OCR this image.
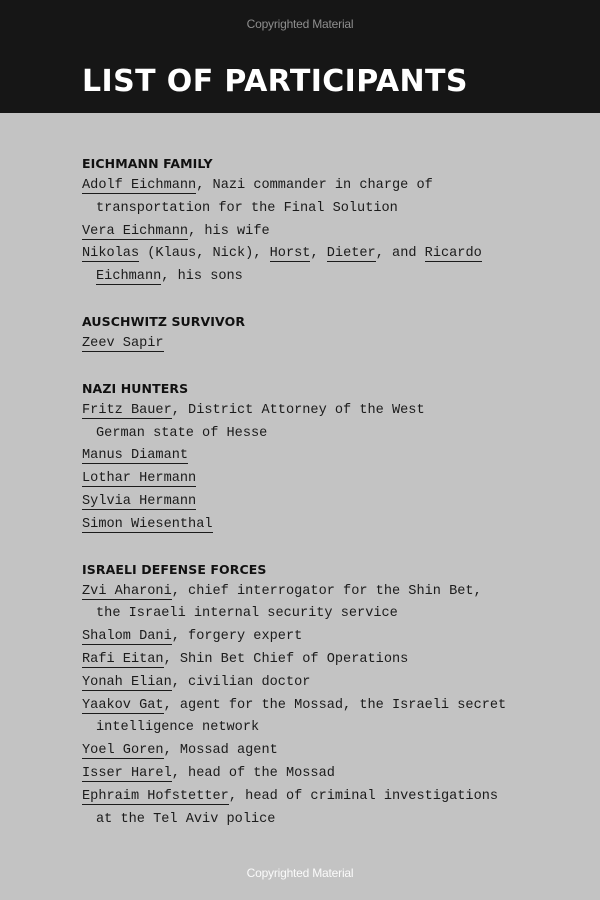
Copyrighted Material
LIST OF PARTICIPANTS
EICHMANN FAMILY

Adolf Eichmann, Nazi commander in charge of
transportation for the Final Solution

Vera Eichmann, his wife

Nikolas (Klaus, Nick), Horst, Dieter, and Ricardo
Eichmann, his sons

AUSCHWITZ SURVIVOR

Zeev Sapir

NAZI HUNTERS

Fritz Bauer, District Attorney of the West
German state of Hesse

Manus Diamant

Lothar Hermann

Sylvia Hermann

Simon Wiesenthal

ISRAELI DEFENSE FORCES

Zvi Aharoni, chief interrogator for the Shin Bet,
the Israeli internal security service

Shalom Dani, forgery expert

Rafi Eitan, Shin Bet Chief of Operations

Yonah Elian, civilian doctor

Yaakov Gat, agent for the Mossad, the Israeli secret
intelligence network

Yoel Goren, Mossad agent

Isser Harel, head of the Mossad

Ephraim Hofstetter, head of criminal investigations
at the Tel Aviv police

Copyrighted Material
